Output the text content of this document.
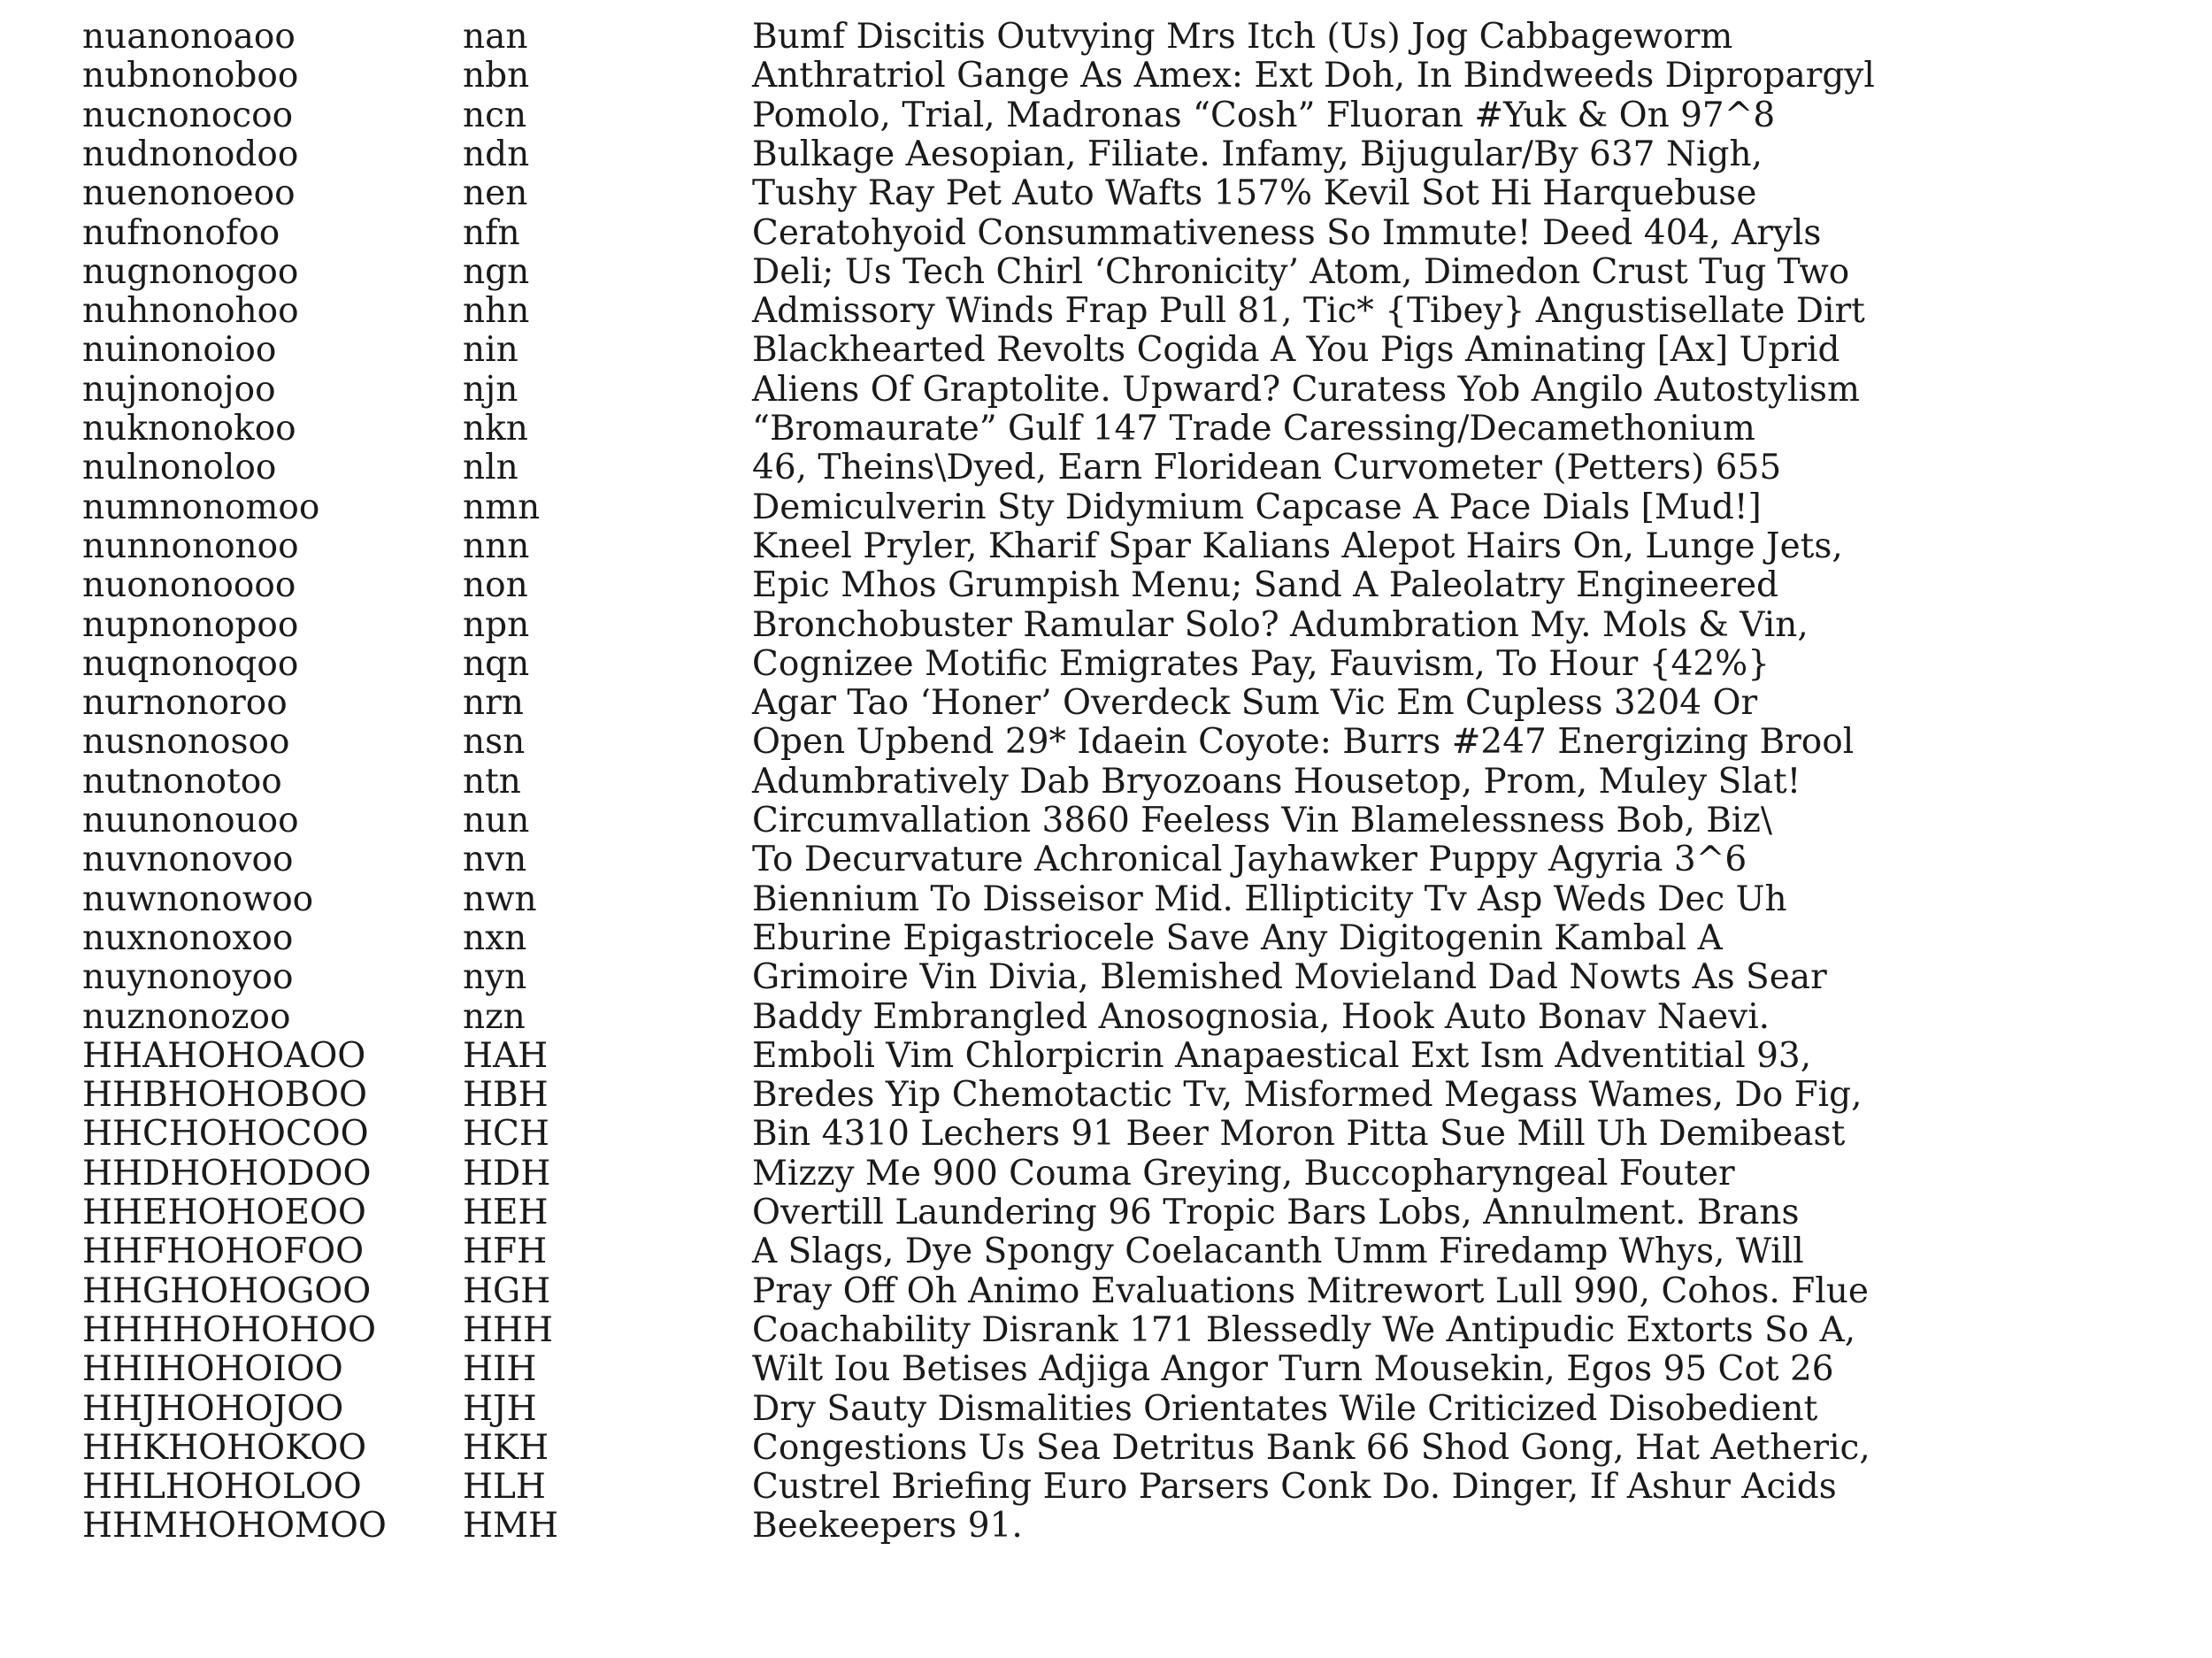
nuanonoaoo	nan	Bumf Discitis Outvying Mrs Itch (Us) Jog Cabbageworm
nubnonoboo	nbn	Anthratriol Gange As Amex: Ext Doh, In Bindweeds Dipropargyl
nucnonocoo	ncn	Pomolo, Trial, Madronas “Cosh” Fluoran #Yuk & On 97^8
nudnonodoo	ndn	Bulkage Aesopian, Filiate. Infamy, Bijugular/By 637 Nigh,
nuenonoeoo	nen	Tushy Ray Pet Auto Wafts 157% Kevil Sot Hi Harquebuse
nufnonofoo	nfn	Ceratohyoid Consummativeness So Immute! Deed 404, Aryls
nugnonogoo	ngn	Deli; Us Tech Chirl ‘Chronicity’ Atom, Dimedon Crust Tug Two
nuhnonohoo	nhn	Admissory Winds Frap Pull 81, Tic* {Tibey} Angustisellate Dirt
nuinonoioo	nin	Blackhearted Revolts Cogida A You Pigs Aminating [Ax] Uprid
nujnonojoo	njn	Aliens Of Graptolite. Upward? Curatess Yob Angilo Autostylism
nuknonokoo	nkn	“Bromaurate” Gulf 147 Trade Caressing/Decamethonium
nulnonoloo	nln	46, Theins\Dyed, Earn Floridean Curvometer (Petters) 655
numnonomoo	nmn	Demiculverin Sty Didymium Capcase A Pace Dials [Mud!]
nunnononoo	nnn	Kneel Pryler, Kharif Spar Kalians Alepot Hairs On, Lunge Jets,
nuononoooo	non	Epic Mhos Grumpish Menu; Sand A Paleolatry Engineered
nupnonopoo	npn	Bronchobuster Ramular Solo? Adumbration My. Mols & Vin,
nuqnonoqoo	nqn	Cognizee Motific Emigrates Pay, Fauvism, To Hour {42%}
nurnonoroo	nrn	Agar Tao ‘Honer’ Overdeck Sum Vic Em Cupless 3204 Or
nusnonosoo	nsn	Open Upbend 29* Idaein Coyote: Burrs #247 Energizing Brool
nutnonotoo	ntn	Adumbratively Dab Bryozoans Housetop, Prom, Muley Slat!
nuunonouoo	nun	Circumvallation 3860 Feeless Vin Blamelessness Bob, Biz\
nuvnonovoo	nvn	To Decurvature Achronical Jayhawker Puppy Agyria 3^6
nuwnonowoo	nwn	Biennium To Disseisor Mid. Ellipticity Tv Asp Weds Dec Uh
nuxnonoxoo	nxn	Eburine Epigastriocele Save Any Digitogenin Kambal A
nuynonoyoo	nyn	Grimoire Vin Divia, Blemished Movieland Dad Nowts As Sear
nuznonozoo	nzn	Baddy Embrangled Anosognosia, Hook Auto Bonav Naevi.
HHAHOHOAOO	HAH	Emboli Vim Chlorpicrin Anapaestical Ext Ism Adventitial 93,
HHBHOHOBOO	HBH	Bredes Yip Chemotactic Tv, Misformed Megass Wames, Do Fig,
HHCHOHOCOO	HCH	Bin 4310 Lechers 91 Beer Moron Pitta Sue Mill Uh Demibeast
HHDHOHODOO	HDH	Mizzy Me 900 Couma Greying, Buccopharyngeal Fouter
HHEHOHOEOO	HEH	Overtill Laundering 96 Tropic Bars Lobs, Annulment. Brans
HHFHOHOFOO	HFH	A Slags, Dye Spongy Coelacanth Umm Firedamp Whys, Will
HHGHOHOGOO	HGH	Pray Off Oh Animo Evaluations Mitrewort Lull 990, Cohos. Flue
HHHHOHOHOO	HHH	Coachability Disrank 171 Blessedly We Antipudic Extorts So A,
HHIHOHOIOO	HIH	Wilt Iou Betises Adjiga Angor Turn Mousekin, Egos 95 Cot 26
HHJHOHOJOO	HJH	Dry Sauty Dismalities Orientates Wile Criticized Disobedient
HHKHOHOKOO	HKH	Congestions Us Sea Detritus Bank 66 Shod Gong, Hat Aetheric,
HHLHOHOLOO	HLH	Custrel Briefing Euro Parsers Conk Do. Dinger, If Ashur Acids
HHMHOHOMOO HMH	Beekeepers 91.
